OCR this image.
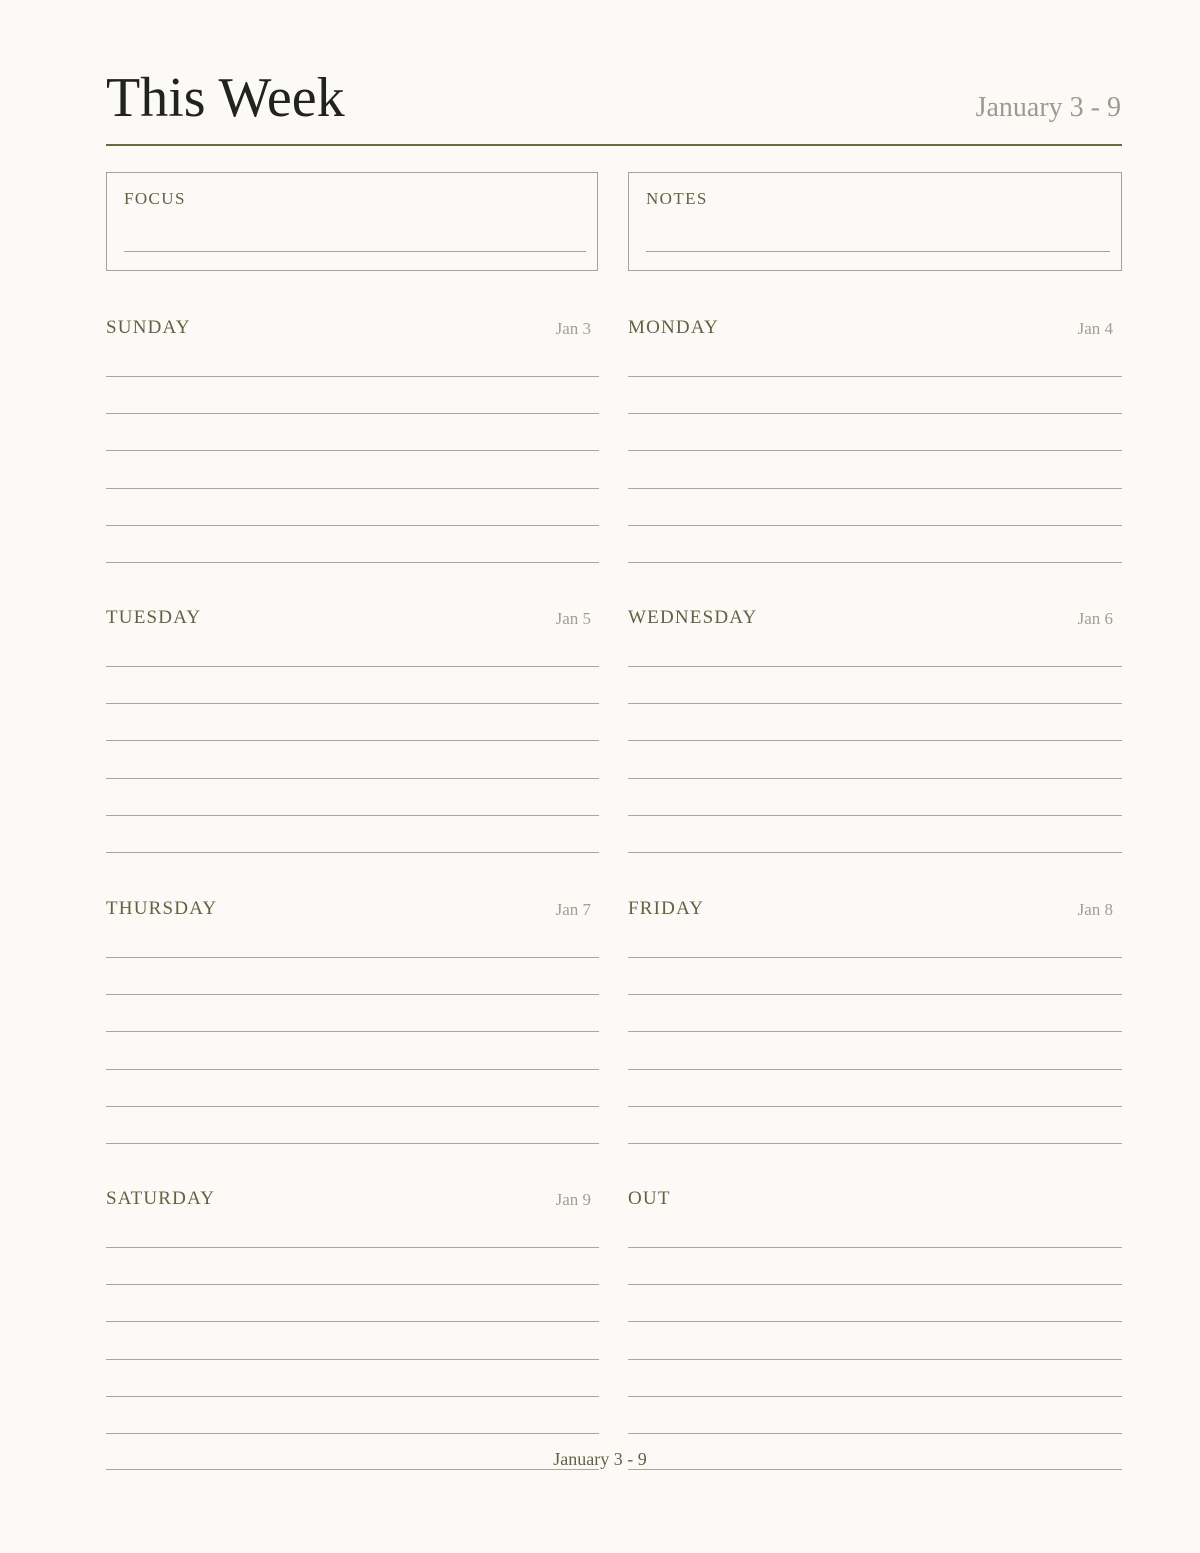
This Week	January 3 - 9
FOCUS	NOTES
SUNDAY	Jan 3 MONDAY	Jan 4
TUESDAY	Jan 5 WEDNESDAY	Jan 6
THURSDAY	Jan 7 FRIDAY	Jan 8
SATURDAY	Jan 9 OUT
January 3 - 9
